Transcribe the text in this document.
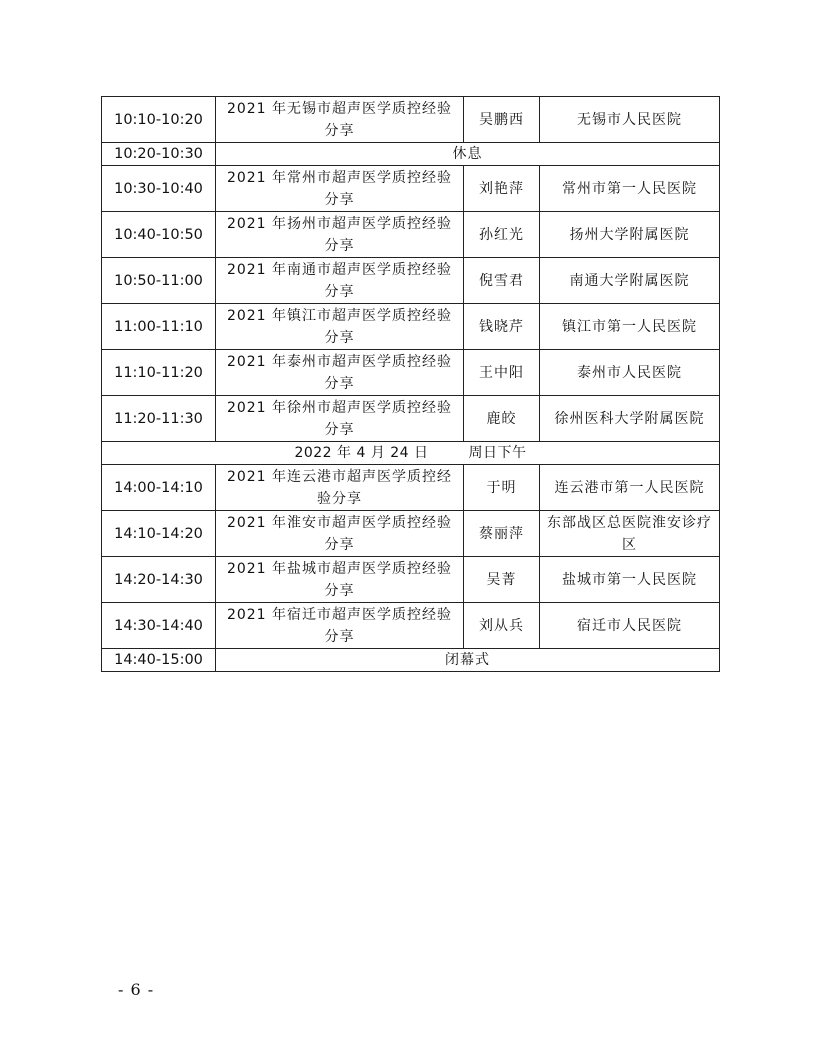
10:10-10:20	2021 年无锡市超声医学质控经验分享	吴鹏西	无锡市人民医院
10:20-10:30	休息		
10:30-10:40	2021 年常州市超声医学质控经验分享	刘艳萍	常州市第一人民医院
10:40-10:50	2021 年扬州市超声医学质控经验分享	孙红光	扬州大学附属医院
10:50-11:00	2021 年南通市超声医学质控经验分享	倪雪君	南通大学附属医院
11:00-11:10	2021 年镇江市超声医学质控经验分享	钱晓芹	镇江市第一人民医院
11:10-11:20	2021 年泰州市超声医学质控经验分享	王中阳	泰州市人民医院
11:20-11:30	2021 年徐州市超声医学质控经验分享	鹿皎	徐州医科大学附属医院
2022 年 4 月 24 日 周日下午			
14:00-14:10	2021 年连云港市超声医学质控经验分享	于明	连云港市第一人民医院
14:10-14:20	2021 年淮安市超声医学质控经验分享	蔡丽萍	东部战区总医院淮安诊疗区
14:20-14:30	2021 年盐城市超声医学质控经验分享	吴菁	盐城市第一人民医院
14:30-14:40	2021 年宿迁市超声医学质控经验分享	刘从兵	宿迁市人民医院
14:40-15:00	闭幕式		
- 6 -
